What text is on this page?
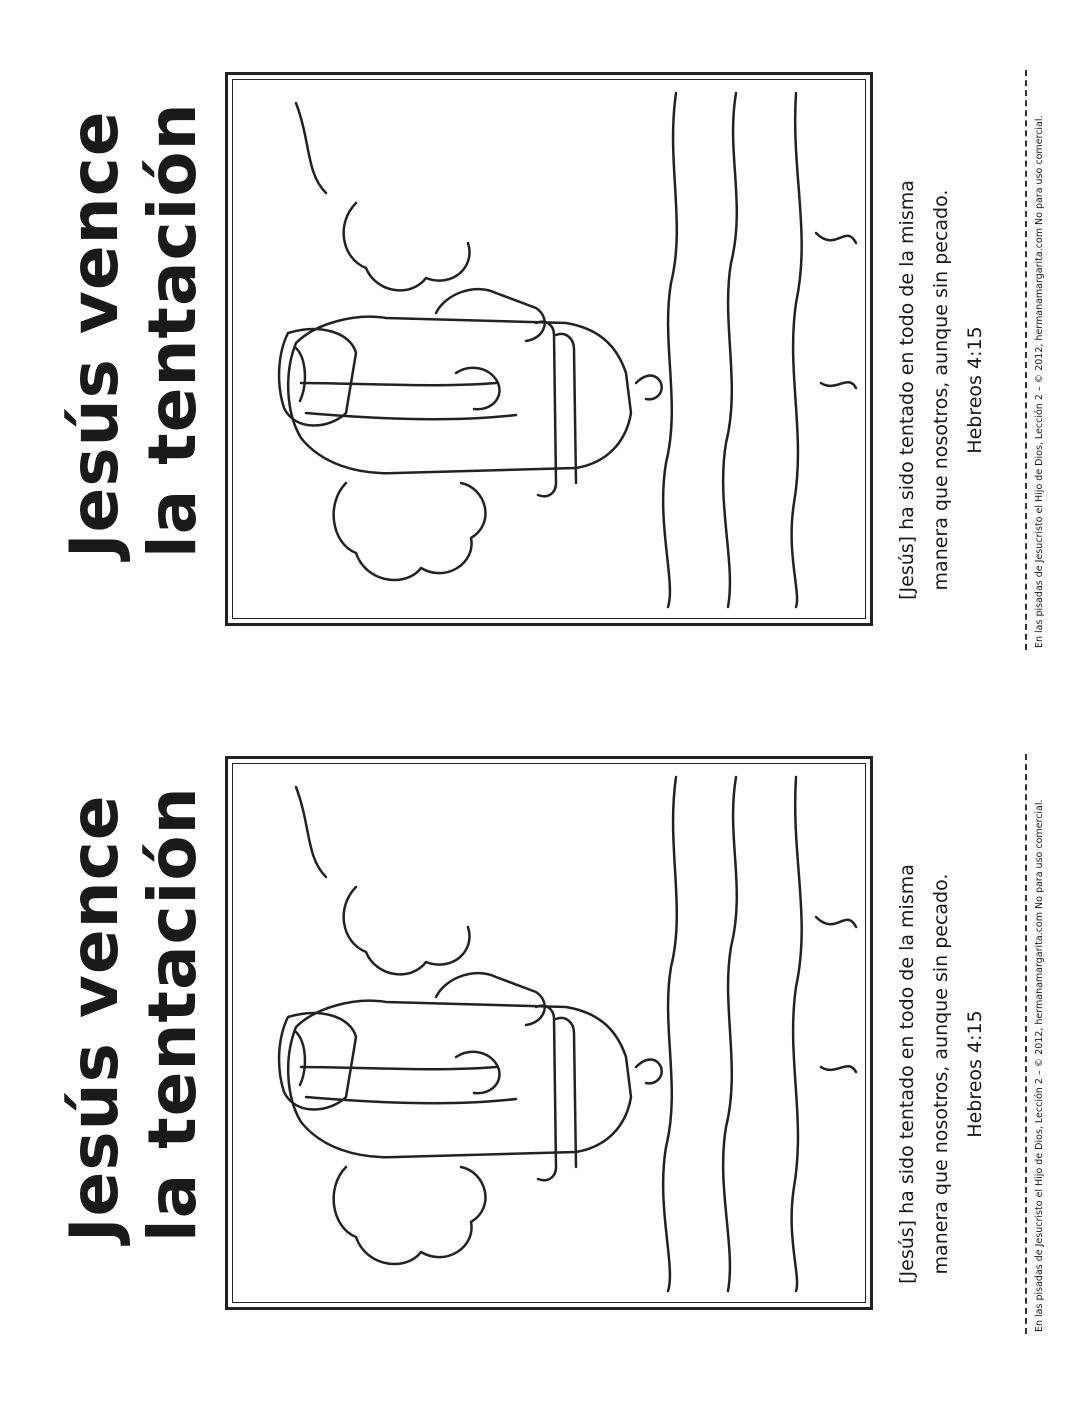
Jesús vence la tentación	[Jesús] ha sido tentado en todo de la misma manera que nosotros, aunque sin pecado. Hebreos 4:15	En las pisadas de Jesucristo el Hijo de Dios, Lección 2 – © 2012, hermanamargarita.com No para uso comercial.
Jesús vence la tentación	[Jesús] ha sido tentado en todo de la misma manera que nosotros, aunque sin pecado. Hebreos 4:15	En las pisadas de Jesucristo el Hijo de Dios, Lección 2 – © 2012, hermanamargarita.com No para uso comercial.
